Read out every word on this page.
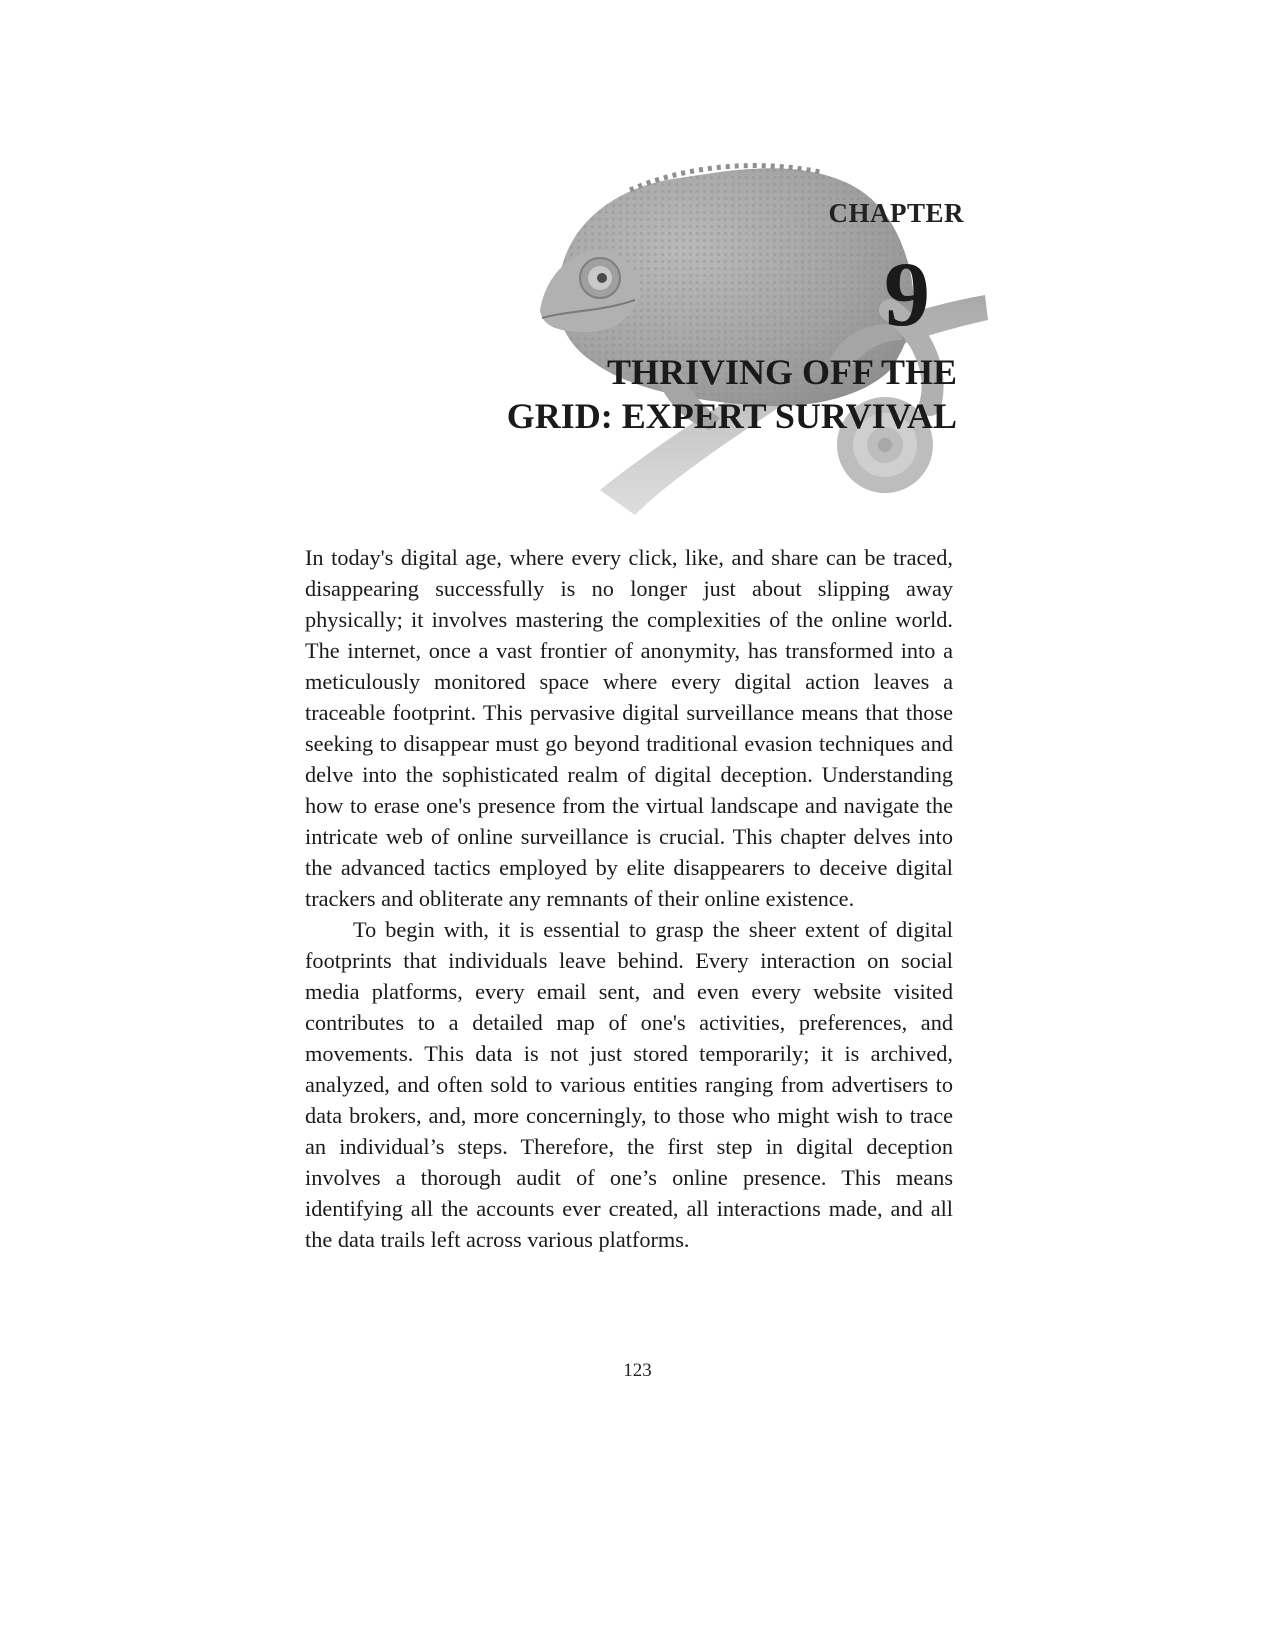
CHAPTER
9
THRIVING OFF THE
GRID: EXPERT SURVIVAL

In today's digital age, where every click, like, and share can be traced, disappearing successfully is no longer just about slipping away physically; it involves mastering the complexities of the online world. The internet, once a vast frontier of anonymity, has transformed into a meticulously monitored space where every digital action leaves a traceable footprint. This pervasive digital surveillance means that those seeking to disappear must go beyond traditional evasion techniques and delve into the sophisticated realm of digital deception. Understanding how to erase one's presence from the virtual landscape and navigate the intricate web of online surveillance is crucial. This chapter delves into the advanced tactics employed by elite disappearers to deceive digital trackers and obliterate any remnants of their online existence.

To begin with, it is essential to grasp the sheer extent of digital footprints that individuals leave behind. Every interaction on social media platforms, every email sent, and even every website visited contributes to a detailed map of one's activities, preferences, and movements. This data is not just stored temporarily; it is archived, analyzed, and often sold to various entities ranging from advertisers to data brokers, and, more concerningly, to those who might wish to trace an individual’s steps. Therefore, the first step in digital deception involves a thorough audit of one’s online presence. This means identifying all the accounts ever created, all interactions made, and all the data trails left across various platforms.

123
